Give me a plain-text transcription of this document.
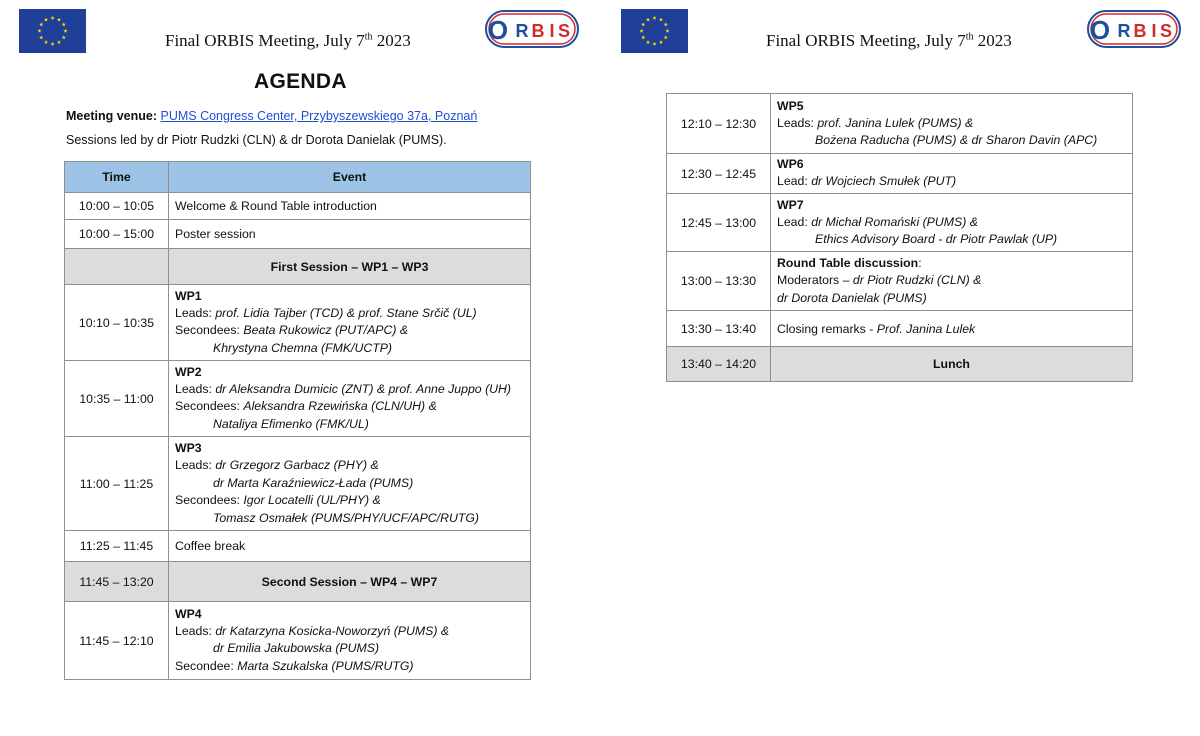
Final ORBIS Meeting, July 7th 2023	O R B I S
AGENDA
Meeting venue: PUMS Congress Center, Przybyszewskiego 37a, Poznań
Sessions led by dr Piotr Rudzki (CLN) & dr Dorota Danielak (PUMS).
Time	Event
10:00 – 10:05	Welcome & Round Table introduction
10:00 – 15:00	Poster session
	First Session – WP1 – WP3
10:10 – 10:35	WP1
Leads: prof. Lidia Tajber (TCD) & prof. Stane Srčič (UL)
Secondees: Beata Rukowicz (PUT/APC) &
Khrystyna Chemna (FMK/UCTP)

10:35 – 11:00	WP2
Leads: dr Aleksandra Dumicic (ZNT) & prof. Anne Juppo (UH)
Secondees: Aleksandra Rzewińska (CLN/UH) &
Nataliya Efimenko (FMK/UL)

11:00 – 11:25	WP3
Leads: dr Grzegorz Garbacz (PHY) &
dr Marta Karaźniewicz-Łada (PUMS)
Secondees: Igor Locatelli (UL/PHY) &
Tomasz Osmałek (PUMS/PHY/UCF/APC/RUTG)

11:25 – 11:45	Coffee break
11:45 – 13:20	Second Session – WP4 – WP7
11:45 – 12:10	WP4
Leads: dr Katarzyna Kosicka-Noworzyń (PUMS) &
dr Emilia Jakubowska (PUMS)
Secondee: Marta Szukalska (PUMS/RUTG)
Final ORBIS Meeting, July 7th 2023	O R B I S
12:10 – 12:30	WP5
Leads: prof. Janina Lulek (PUMS) &
Bożena Raducha (PUMS) & dr Sharon Davin (APC)

12:30 – 12:45	WP6
Lead: dr Wojciech Smułek (PUT)

12:45 – 13:00	WP7
Lead: dr Michał Romański (PUMS) &
Ethics Advisory Board - dr Piotr Pawlak (UP)

13:00 – 13:30	Round Table discussion:
Moderators – dr Piotr Rudzki (CLN) &
dr Dorota Danielak (PUMS)

13:30 – 13:40	Closing remarks - Prof. Janina Lulek
13:40 – 14:20	Lunch
